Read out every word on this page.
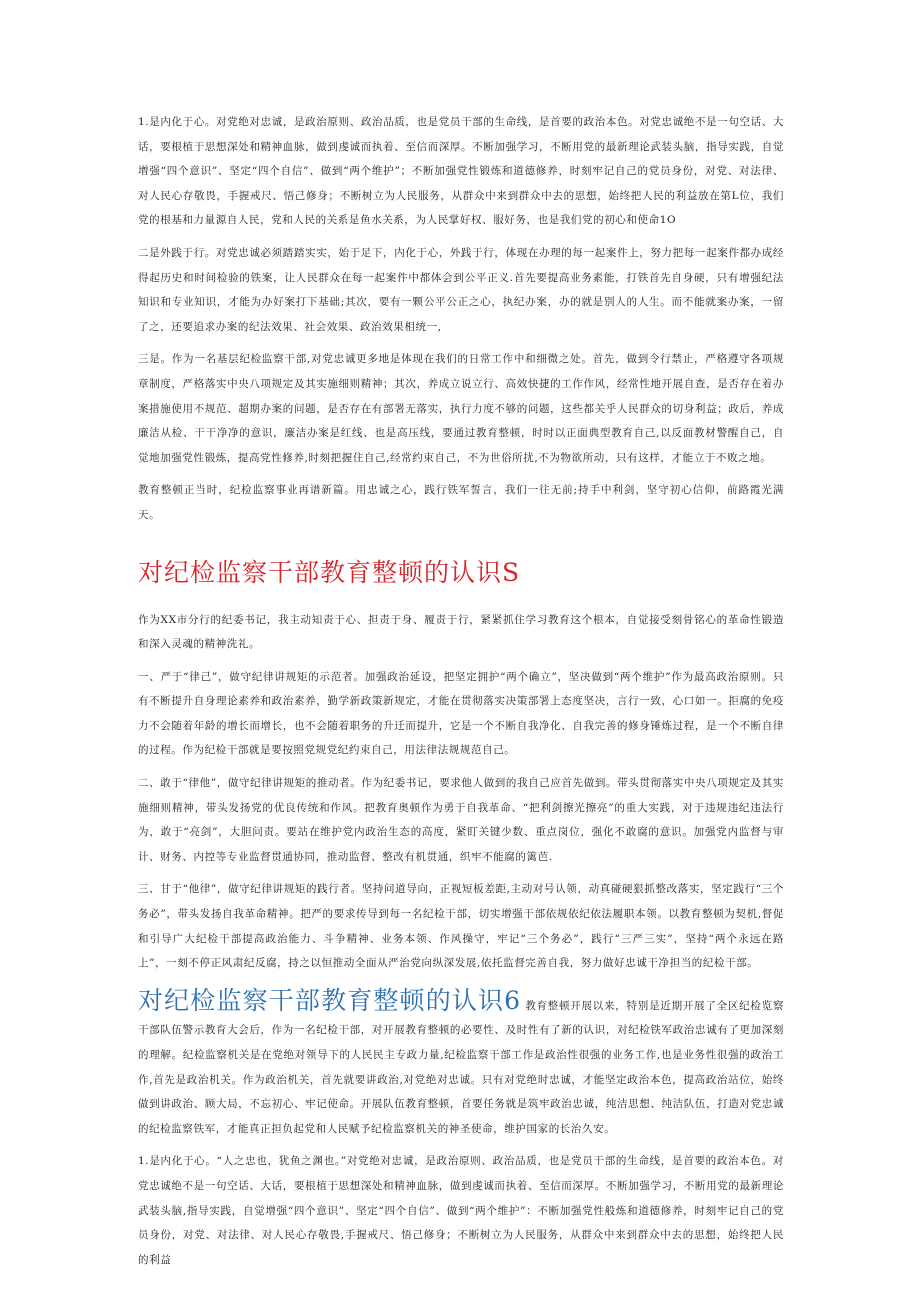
1.是内化于心。对党绝对忠诚，是政治原则、政治品质，也是党员干部的生命线，是首要的政治本色。对党忠诚绝不是一句空话、大话，要根植于思想深处和精神血脉，做到虔诚而执着、至信而深厚。不断加强学习，不断用党的最新理论武装头脑，指导实践，自觉增强“四个意识”、坚定“四个自信”、做到“两个维护”；不断加强党性锻炼和道德修养，时刻牢记自己的党员身份，对党、对法律、对人民心存敬畏，手握戒尺、悟己修身；不断树立为人民服务，从群众中来到群众中去的思想，始终把人民的利益放在第L位，我们党的根基和力量源自人民，党和人民的关系是鱼水关系，为人民掌好权、服好务，也是我们党的初心和使命1O

二是外践于行。对党忠诚必须踏踏实实，始于足下，内化于心，外践于行，体现在办理的每一起案件上，努力把每一起案件都办成经得起历史和时间检验的铁案，让人民群众在每一起案件中都体会到公平正义.首先要提高业务素能，打铁首先自身硬，只有增强纪法知识和专业知识，才能为办好案打下基础;其次，要有一颗公平公正之心，执纪办案，办的就是别人的人生。而不能就案办案，一留了之，还要追求办案的纪法效果、社会效果、政治效果相统一,

三是。作为一名基层纪检监察干部,对党忠诚更多地是体现在我们的日常工作中和细微之处。首先，做到令行禁止，严格遵守各项规章制度，严格落实中央八项规定及其实施细则精神；其次，养成立说立行、高效快捷的工作作风，经常性地开展自查，是否存在着办案措施使用不规范、超期办案的问题，是否存在有部署无落实，执行力度不够的问题，这些都关乎人民群众的切身利益；政后，养成廉洁从检、干干净净的意识，廉洁办案是红线、也是高压线，要通过教育整顿，时时以正面典型教育自己,以反面教材警醒自己，自觉地加强党性锻炼，提高党性修养,时刻把握住自己,经常约束自己，不为世俗所扰,不为物欲所动，只有这样，才能立于不败之地。

教育整顿正当时，纪检监察事业再谱新篇。用忠诚之心，践行铁军誓言，我们一往无前;持手中利剑，坚守初心信仰，前路霞光满天。

对纪检监察干部教育整顿的认识S

作为XX市分行的纪委书记，我主动知责于心、担责于身、履责于行，紧紧抓住学习教育这个根本，自觉接受刻骨铭心的革命性锻造和深入灵魂的精神洗礼。

一、严于“律己”，做守纪律讲规矩的示范者。加强政治延设，把坚定拥护“两个确立”，坚决做到“两个维护”作为最高政治原则。只有不断提升自身理论素养和政治素养，勤学新政策新规定，才能在贯彻落实决策部署上态度坚决，言行一致，心口如一。拒腐的免疫力不会随着年龄的增长而增长，也不会随着职务的升迁而提升，它是一个不断自我净化、自我完善的修身锤炼过程，是一个不断自律的过程。作为纪检干部就是要按照党规党纪约束自己，用法律法规规范自己。

二、敢于“律他”，做守纪律讲规矩的推动者。作为纪委书记，要求他人做到的我自己应首先做到。带头贯彻落实中央八项规定及其实施细则精神，带头发扬党的优良传统和作风。把教育奥顿作为勇于自我革命、“把利剑擦光擦亮”的重大实践，对于违规违纪违法行为，敢于“亮剑”，大胆问责。要站在维护党内政治生态的高度，紧盯关键少数、重点岗位，强化不敢腐的意识。加强党内监督与审计、财务、内控等专业监督贯通协同，推动监督、整改有机贯通，织牢不能腐的篱芭.

三、甘于“他律”，做守纪律讲规矩的践行者。坚持问道导向，正视短板差距,主动对号认领，动真碰硬狠抓整改落实，坚定践行“三个务必”，带头发扬自我革命精神。把严的要求传导到每一名纪检干部，切实增强干部依规依纪依法履职本领。以教育整顿为契机,督促和引导广大纪检干部提高政治能力、斗争精神、业务本领、作风操守，牢记“三个务必”，践行“三严三实”，坚持“两个永远在路上”，一刻不停正风肃纪反腐，持之以恒推动全面从严治党向纵深发展,依托监督完善自我，努力做好忠诚干净担当的纪检干部。

对纪检监察干部教育整顿的认识6 教育整顿开展以来，特别是近期开展了全区纪检览察干部队伍警示教育大会后，作为一名纪检干部，对开展教育整顿的必要性、及时性有了新的认识，对纪检铁军政治忠诚有了更加深刻的理解。纪检监察机关是在党绝对领导下的人民民主专政力量,纪检监察干部工作是政治性很强的业务工作,也是业务性很强的政治工作,首先是政治机关。作为政治机关，首先就要讲政治,对党绝对忠诚。只有对党绝时忠诚，才能坚定政治本色，提高政治站位，始终做到讲政治、顾大局，不忘初心、牢记使命。开展队伍教育整顿，首要任务就是筑牢政治忠诚，纯洁思想、纯洁队伍，打造对党忠诚的纪检监察铁军，才能真正担负起党和人民赋予纪检监察机关的神圣使命，维护国家的长治久安。

1.是内化于心。“人之忠也，犹鱼之渊也。”对党绝对忠诚，是政治原则、政治品质，也是党员干部的生命线，是首要的政治本色。对党忠诚绝不是一句空话、大话，要根植于思想深处和精神血脉，做到虔诚而执着、至信而深厚。不断加强学习，不断用党的最新理论武装头脑,指导实践，自觉增强“四个意识”、坚定“四个自信”、做到“两个维护”：不断加强党性般炼和道德修养，时刻牢记自己的党员身份，对党、对法律、对人民心存敬畏,手握戒尺、悟己修身；不断树立为人民服务，从群众中来到群众中去的思想，始终把人民的利益
